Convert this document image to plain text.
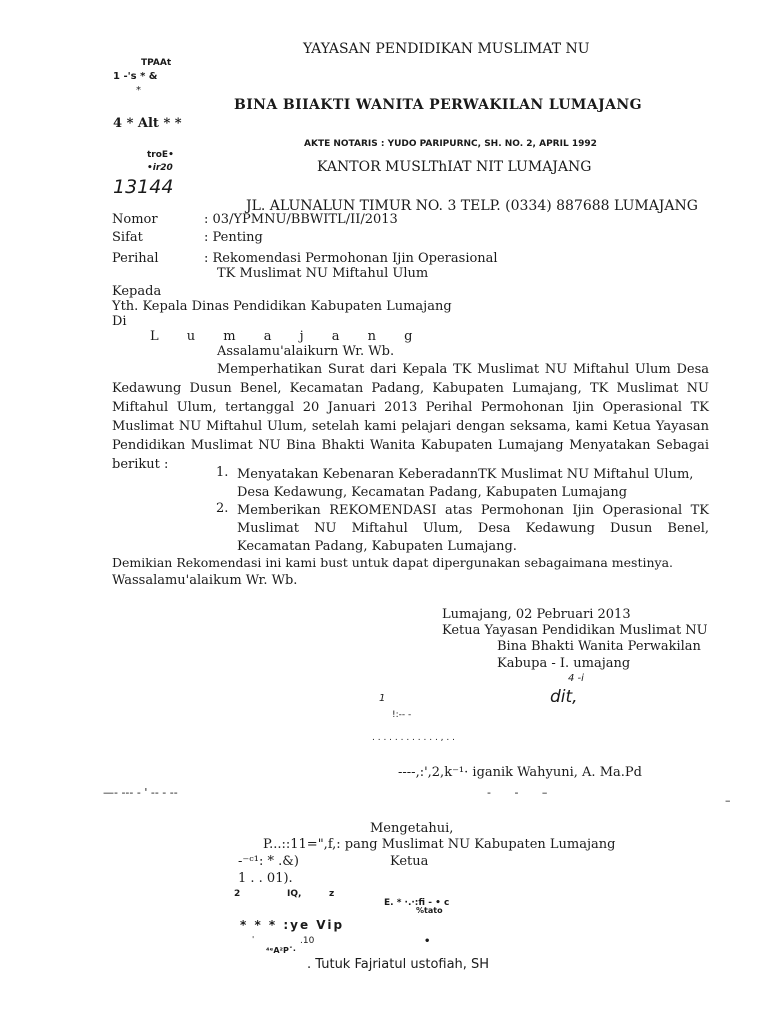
YAYASAN PENDIDIKAN MUSLIMAT NU
TPAAt
1 -'s * &
*
BINA BIIAKTI WANITA PERWAKILAN LUMAJANG
4 * Alt * *
AKTE NOTARIS : YUDO PARIPURNC, SH. NO. 2, APRIL 1992
troE•
•ir20	KANTOR MUSLThIAT NIT LUMAJANG
13144
JL. ALUNALUN TIMUR NO. 3 TELP. (0334) 887688 LUMAJANG
Nomor	: 03/YPMNU/BBWITL/II/2013
Sifat	: Penting
Perihal	: Rekomendasi Permohonan Ijin Operasional
TK Muslimat NU Miftahul Ulum
Kepada
Yth. Kepala Dinas Pendidikan Kabupaten Lumajang
Di
L u m a j a n g
Assalamu'alaikurn Wr. Wb.
Memperhatikan Surat dari Kepala TK Muslimat NU Miftahul Ulum Desa Kedawung Dusun Benel, Kecamatan Padang, Kabupaten Lumajang, TK Muslimat NU Miftahul Ulum, tertanggal 20 Januari 2013 Perihal Permohonan Ijin Operasional TK Muslimat NU Miftahul Ulum, setelah kami pelajari dengan seksama, kami Ketua Yayasan Pendidikan Muslimat NU Bina Bhakti Wanita Kabupaten Lumajang Menyatakan Sebagai berikut :
1. Menyatakan Kebenaran KeberadannTK Muslimat NU Miftahul Ulum,
Desa Kedawung, Kecamatan Padang, Kabupaten Lumajang
2. Memberikan REKOMENDASI atas Permohonan Ijin Operasional TK Muslimat NU Miftahul Ulum, Desa Kedawung Dusun Benel, Kecamatan Padang, Kabupaten Lumajang.
Demikian Rekomendasi ini kami bust untuk dapat dipergunakan sebagaimana mestinya.
Wassalamu'alaikum Wr. Wb.
Lumajang, 02 Pebruari 2013
Ketua Yayasan Pendidikan Muslimat NU
Bina Bhakti Wanita Perwakilan
Kabupa - I. umajang
4 -i
1	dit,
!:-- -
. . . . . . . . . . . . , . .
----,:',2,k⁻¹· iganik Wahyuni, A. Ma.Pd
—- --- - ' -- - --	- - –
–
Mengetahui,
P...::11=",f,: pang Muslimat NU Kabupaten Lumajang
-⁻ᶜ¹: * .&)	Ketua
1 . . 01).
2	IQ,	z
E. * ·.·:fi - • c
%tato
* * * :ye Vip
'	.10
⁴ᵉA²P˟·
•
. Tutuk Fajriatul ustofiah, SH
